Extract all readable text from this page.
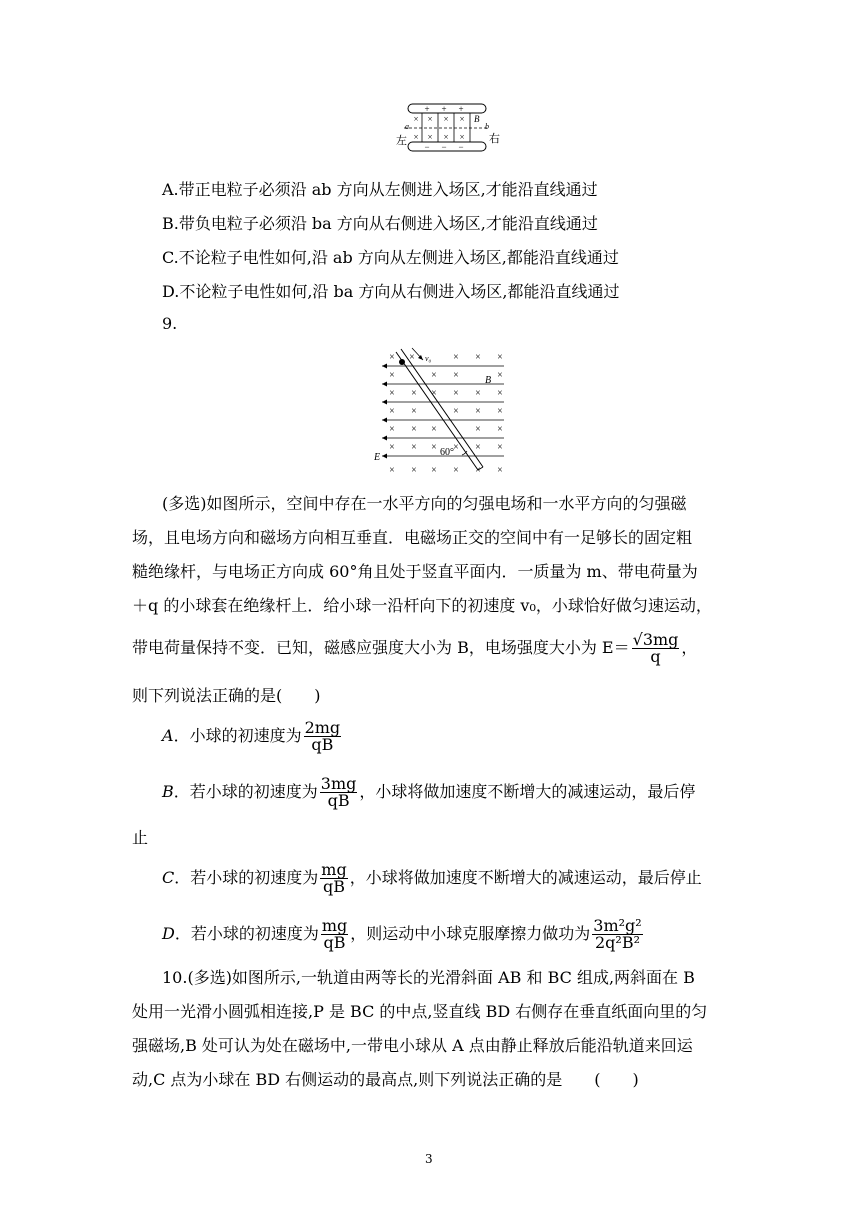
+ + +
− − −
× × × ×
× × × ×
左	右
a	b
B
A.带正电粒子必须沿 ab 方向从左侧进入场区,才能沿直线通过
B.带负电粒子必须沿 ba 方向从右侧进入场区,才能沿直线通过
C.不论粒子电性如何,沿 ab 方向从左侧进入场区,都能沿直线通过
D.不论粒子电性如何,沿 ba 方向从右侧进入场区,都能沿直线通过
9.
× ×	× × ×
×	× ×	×
× × × × × ×
× ×	× × ×
× × ×	× ×
× × × × × ×
× × × × × ×
v₀
B
E	60°
(多选)如图所示，空间中存在一水平方向的匀强电场和一水平方向的匀强磁
场，且电场方向和磁场方向相互垂直．电磁场正交的空间中有一足够长的固定粗
糙绝缘杆，与电场正方向成 60°角且处于竖直平面内．一质量为 m、带电荷量为
＋q 的小球套在绝缘杆上．给小球一沿杆向下的初速度 v₀，小球恰好做匀速运动，
带电荷量保持不变．已知，磁感应强度大小为 B，电场强度大小为 $E= \frac{√3mg}{q}$ ，
则下列说法正确的是(　　)
A．小球的初速度为 $\frac{2mg}{qB}$
B．若小球的初速度为 $\frac{3mg}{qB}$ ，小球将做加速度不断增大的减速运动，最后停
止
C．若小球的初速度为 $\frac{mg}{qB}$ ，小球将做加速度不断增大的减速运动，最后停止
D．若小球的初速度为 $\frac{mg}{qB}$ ，则运动中小球克服摩擦力做功为 $\frac{\text{3m²g²}}{\text{2q²B²}}$
10.(多选)如图所示,一轨道由两等长的光滑斜面 AB 和 BC 组成,两斜面在 B
处用一光滑小圆弧相连接,P 是 BC 的中点,竖直线 BD 右侧存在垂直纸面向里的匀
强磁场,B 处可认为处在磁场中,一带电小球从 A 点由静止释放后能沿轨道来回运
动,C 点为小球在 BD 右侧运动的最高点,则下列说法正确的是　　(　　)
3
